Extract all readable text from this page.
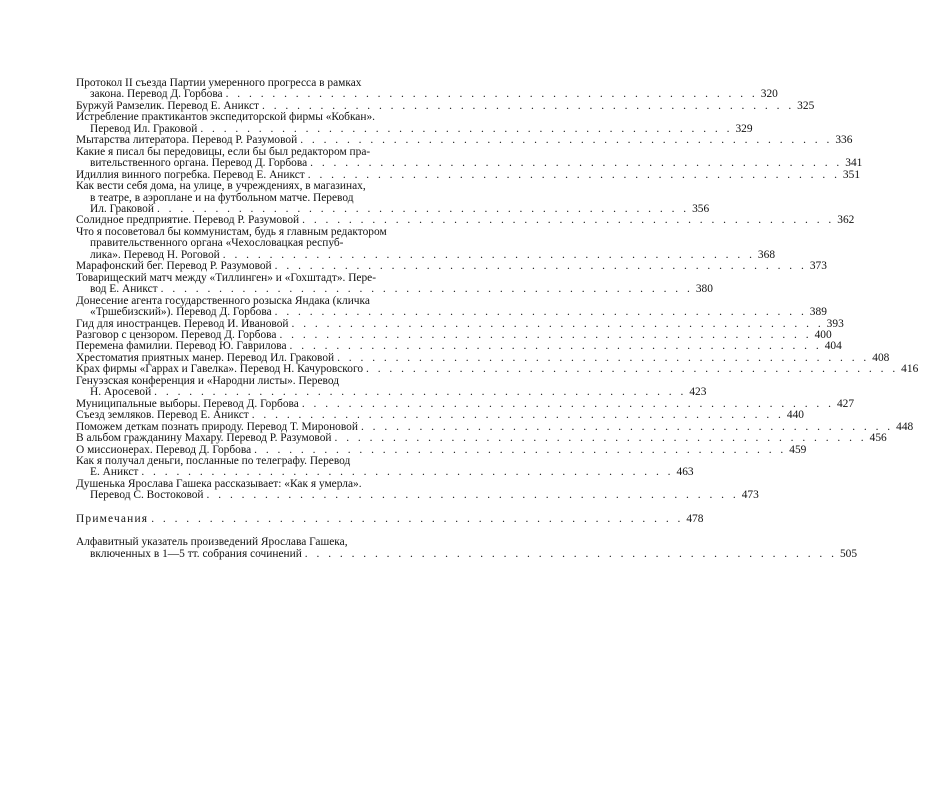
Протокол II съезда Партии умеренного прогресса в рамках
закона. Перевод Д. Горбова . . . . . . . . . . . . . . . . . . . . . . . . . . . . . . . . . . . . . . . . . . . . . . 320
Буржуй Рамзелик. Перевод Е. Аникст . . . . . . . . . . . . . . . . . . . . . . . . . . . . . . . . . . . . . . . . . . . . . . 325
Истребление практикантов экспедиторской фирмы «Кобкан».
Перевод Ил. Граковой . . . . . . . . . . . . . . . . . . . . . . . . . . . . . . . . . . . . . . . . . . . . . . 329
Мытарства литератора. Перевод Р. Разумовой . . . . . . . . . . . . . . . . . . . . . . . . . . . . . . . . . . . . . . . . . . . . . . 336
Какие я писал бы передовицы, если бы был редактором пра-
вительственного органа. Перевод Д. Горбова . . . . . . . . . . . . . . . . . . . . . . . . . . . . . . . . . . . . . . . . . . . . . . 341
Идиллия винного погребка. Перевод Е. Аникст . . . . . . . . . . . . . . . . . . . . . . . . . . . . . . . . . . . . . . . . . . . . . . 351
Как вести себя дома, на улице, в учреждениях, в магазинах,
в театре, в аэроплане и на футбольном матче. Перевод
Ил. Граковой . . . . . . . . . . . . . . . . . . . . . . . . . . . . . . . . . . . . . . . . . . . . . . 356
Солидное предприятие. Перевод Р. Разумовой . . . . . . . . . . . . . . . . . . . . . . . . . . . . . . . . . . . . . . . . . . . . . . 362
Что я посоветовал бы коммунистам, будь я главным редактором
правительственного органа «Чехословацкая респуб-
лика». Перевод Н. Роговой . . . . . . . . . . . . . . . . . . . . . . . . . . . . . . . . . . . . . . . . . . . . . . 368
Марафонский бег. Перевод Р. Разумовой . . . . . . . . . . . . . . . . . . . . . . . . . . . . . . . . . . . . . . . . . . . . . . 373
Товарищеский матч между «Тиллинген» и «Гохштадт». Пере-
вод Е. Аникст . . . . . . . . . . . . . . . . . . . . . . . . . . . . . . . . . . . . . . . . . . . . . . 380
Донесение агента государственного розыска Яндака (кличка
«Тршебизский»). Перевод Д. Горбова . . . . . . . . . . . . . . . . . . . . . . . . . . . . . . . . . . . . . . . . . . . . . . 389
Гид для иностранцев. Перевод И. Ивановой . . . . . . . . . . . . . . . . . . . . . . . . . . . . . . . . . . . . . . . . . . . . . . 393
Разговор с цензором. Перевод Д. Горбова . . . . . . . . . . . . . . . . . . . . . . . . . . . . . . . . . . . . . . . . . . . . . . 400
Перемена фамилии. Перевод Ю. Гаврилова . . . . . . . . . . . . . . . . . . . . . . . . . . . . . . . . . . . . . . . . . . . . . . 404
Хрестоматия приятных манер. Перевод Ил. Граковой . . . . . . . . . . . . . . . . . . . . . . . . . . . . . . . . . . . . . . . . . . . . . . 408
Крах фирмы «Гаррах и Гавелка». Перевод Н. Качуровского . . . . . . . . . . . . . . . . . . . . . . . . . . . . . . . . . . . . . . . . . . . . . . 416
Генуэзская конференция и «Народни листы». Перевод
Н. Аросевой . . . . . . . . . . . . . . . . . . . . . . . . . . . . . . . . . . . . . . . . . . . . . . 423
Муниципальные выборы. Перевод Д. Горбова . . . . . . . . . . . . . . . . . . . . . . . . . . . . . . . . . . . . . . . . . . . . . . 427
Съезд земляков. Перевод Е. Аникст . . . . . . . . . . . . . . . . . . . . . . . . . . . . . . . . . . . . . . . . . . . . . . 440
Поможем деткам познать природу. Перевод Т. Мироновой . . . . . . . . . . . . . . . . . . . . . . . . . . . . . . . . . . . . . . . . . . . . . . 448
В альбом гражданину Махару. Перевод Р. Разумовой . . . . . . . . . . . . . . . . . . . . . . . . . . . . . . . . . . . . . . . . . . . . . . 456
О миссионерах. Перевод Д. Горбова . . . . . . . . . . . . . . . . . . . . . . . . . . . . . . . . . . . . . . . . . . . . . . 459
Как я получал деньги, посланные по телеграфу. Перевод
Е. Аникст . . . . . . . . . . . . . . . . . . . . . . . . . . . . . . . . . . . . . . . . . . . . . . 463
Душенька Ярослава Гашека рассказывает: «Как я умерла».
Перевод С. Востоковой . . . . . . . . . . . . . . . . . . . . . . . . . . . . . . . . . . . . . . . . . . . . . . 473
Примечания . . . . . . . . . . . . . . . . . . . . . . . . . . . . . . . . . . . . . . . . . . . . . . 478
Алфавитный указатель произведений Ярослава Гашека,
включенных в 1—5 тт. собрания сочинений . . . . . . . . . . . . . . . . . . . . . . . . . . . . . . . . . . . . . . . . . . . . . . 505
